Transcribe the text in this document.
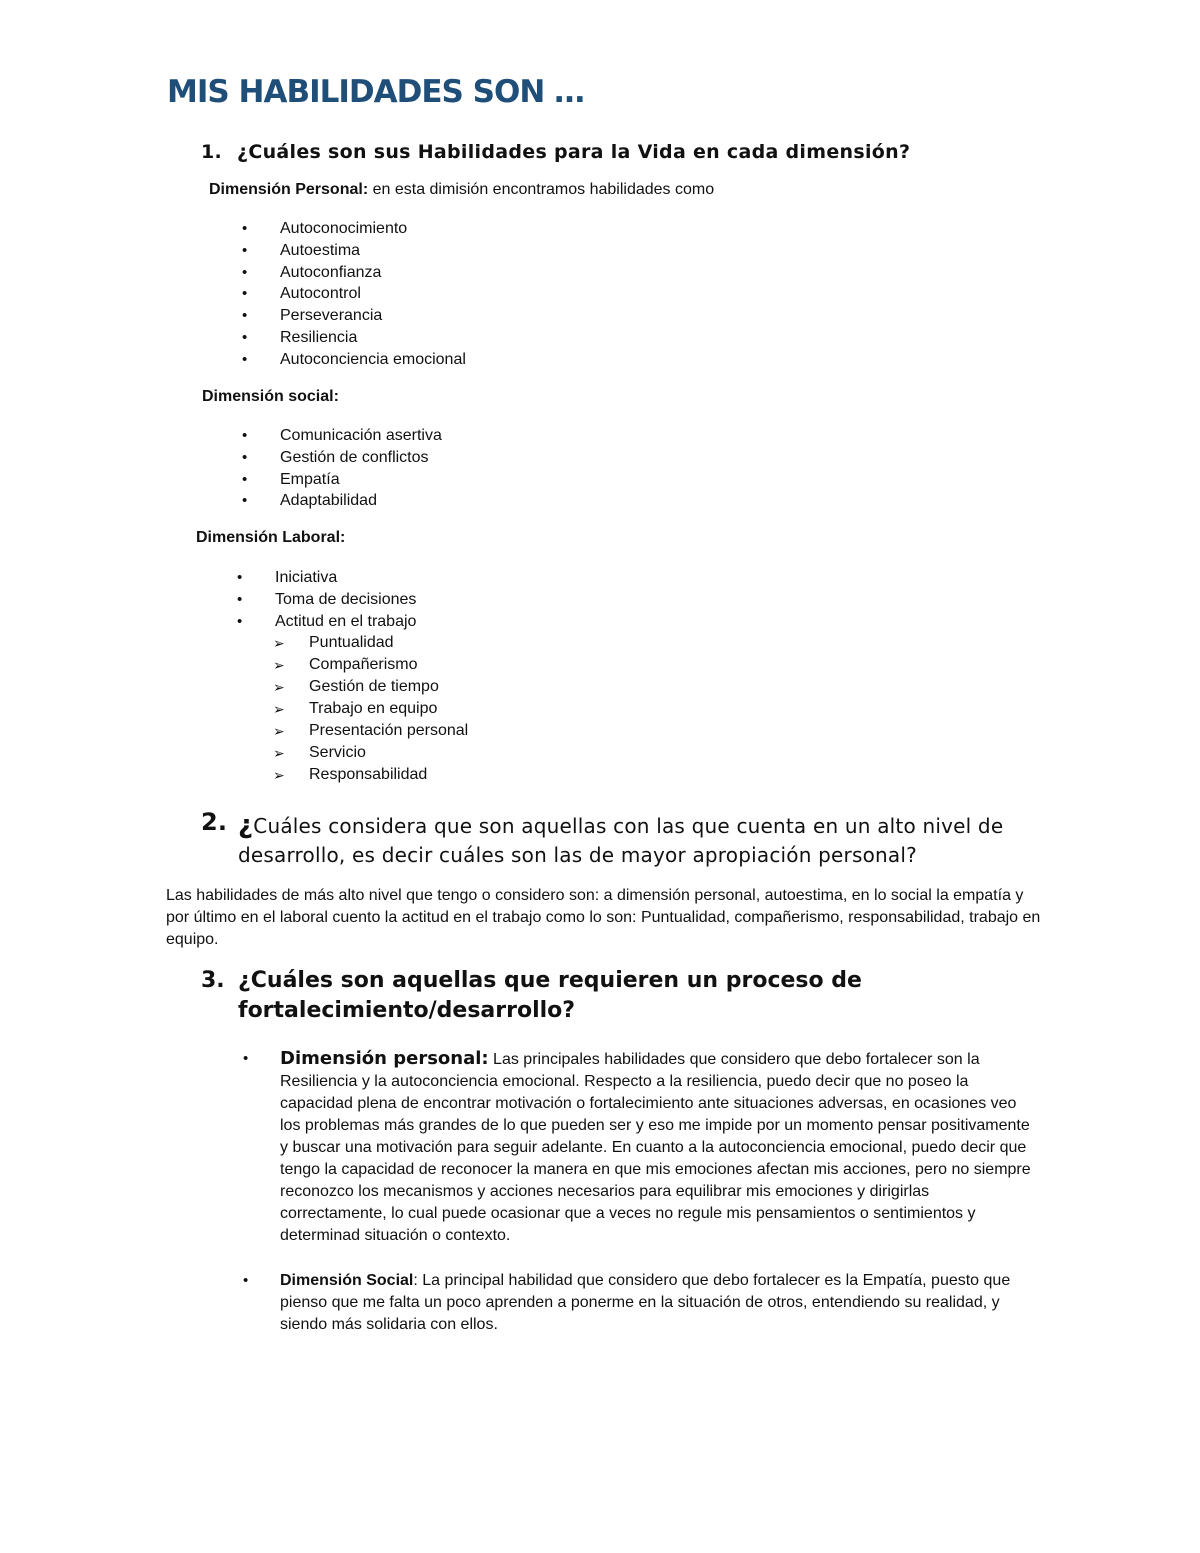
MIS HABILIDADES SON …
1. ¿Cuáles son sus Habilidades para la Vida en cada dimensión?

Dimensión Personal: en esta dimisión encontramos habilidades como

• Autoconocimiento
• Autoestima
• Autoconfianza
• Autocontrol
• Perseverancia
• Resiliencia
• Autoconciencia emocional

Dimensión social:

• Comunicación asertiva
• Gestión de conflictos
• Empatía
• Adaptabilidad

Dimensión Laboral:

• Iniciativa
• Toma de decisiones
• Actitud en el trabajo
➢ Puntualidad
➢ Compañerismo
➢ Gestión de tiempo
➢ Trabajo en equipo
➢ Presentación personal
➢ Servicio
➢ Responsabilidad
2. ¿Cuáles considera que son aquellas con las que cuenta en un alto nivel de desarrollo, es decir cuáles son las de mayor apropiación personal?

Las habilidades de más alto nivel que tengo o considero son: a dimensión personal, autoestima, en lo social la empatía y por último en el laboral cuento la actitud en el trabajo como lo son: Puntualidad, compañerismo, responsabilidad, trabajo en equipo.

3. ¿Cuáles son aquellas que requieren un proceso de fortalecimiento/desarrollo?
•	Dimensión personal: Las principales habilidades que considero que debo fortalecer son la Resiliencia y la autoconciencia emocional. Respecto a la resiliencia, puedo decir que no poseo la capacidad plena de encontrar motivación o fortalecimiento ante situaciones adversas, en ocasiones veo los problemas más grandes de lo que pueden ser y eso me impide por un momento pensar positivamente y buscar una motivación para seguir adelante. En cuanto a la autoconciencia emocional, puedo decir que tengo la capacidad de reconocer la manera en que mis emociones afectan mis acciones, pero no siempre reconozco los mecanismos y acciones necesarios para equilibrar mis emociones y dirigirlas correctamente, lo cual puede ocasionar que a veces no regule mis pensamientos o sentimientos y determinad situación o contexto.
•	Dimensión Social: La principal habilidad que considero que debo fortalecer es la Empatía, puesto que pienso que me falta un poco aprenden a ponerme en la situación de otros, entendiendo su realidad, y siendo más solidaria con ellos.
